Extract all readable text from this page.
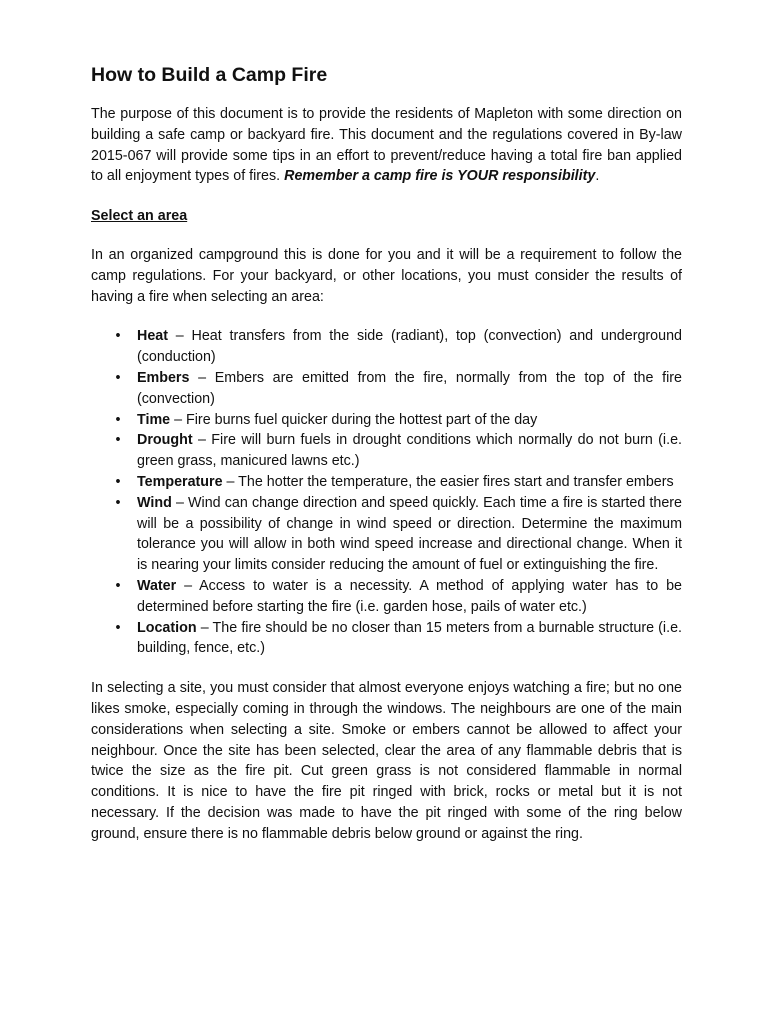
How to Build a Camp Fire

The purpose of this document is to provide the residents of Mapleton with some direction on building a safe camp or backyard fire. This document and the regulations covered in By-law 2015-067 will provide some tips in an effort to prevent/reduce having a total fire ban applied to all enjoyment types of fires. Remember a camp fire is YOUR responsibility.

Select an area

In an organized campground this is done for you and it will be a requirement to follow the camp regulations. For your backyard, or other locations, you must consider the results of having a fire when selecting an area:

• Heat – Heat transfers from the side (radiant), top (convection) and underground (conduction)
• Embers – Embers are emitted from the fire, normally from the top of the fire (convection)
• Time – Fire burns fuel quicker during the hottest part of the day
• Drought – Fire will burn fuels in drought conditions which normally do not burn (i.e. green grass, manicured lawns etc.)
• Temperature – The hotter the temperature, the easier fires start and transfer embers
• Wind – Wind can change direction and speed quickly. Each time a fire is started there will be a possibility of change in wind speed or direction. Determine the maximum tolerance you will allow in both wind speed increase and directional change. When it is nearing your limits consider reducing the amount of fuel or extinguishing the fire.
• Water – Access to water is a necessity. A method of applying water has to be determined before starting the fire (i.e. garden hose, pails of water etc.)
• Location – The fire should be no closer than 15 meters from a burnable structure (i.e. building, fence, etc.)

In selecting a site, you must consider that almost everyone enjoys watching a fire; but no one likes smoke, especially coming in through the windows. The neighbours are one of the main considerations when selecting a site. Smoke or embers cannot be allowed to affect your neighbour. Once the site has been selected, clear the area of any flammable debris that is twice the size as the fire pit. Cut green grass is not considered flammable in normal conditions. It is nice to have the fire pit ringed with brick, rocks or metal but it is not necessary. If the decision was made to have the pit ringed with some of the ring below ground, ensure there is no flammable debris below ground or against the ring.
